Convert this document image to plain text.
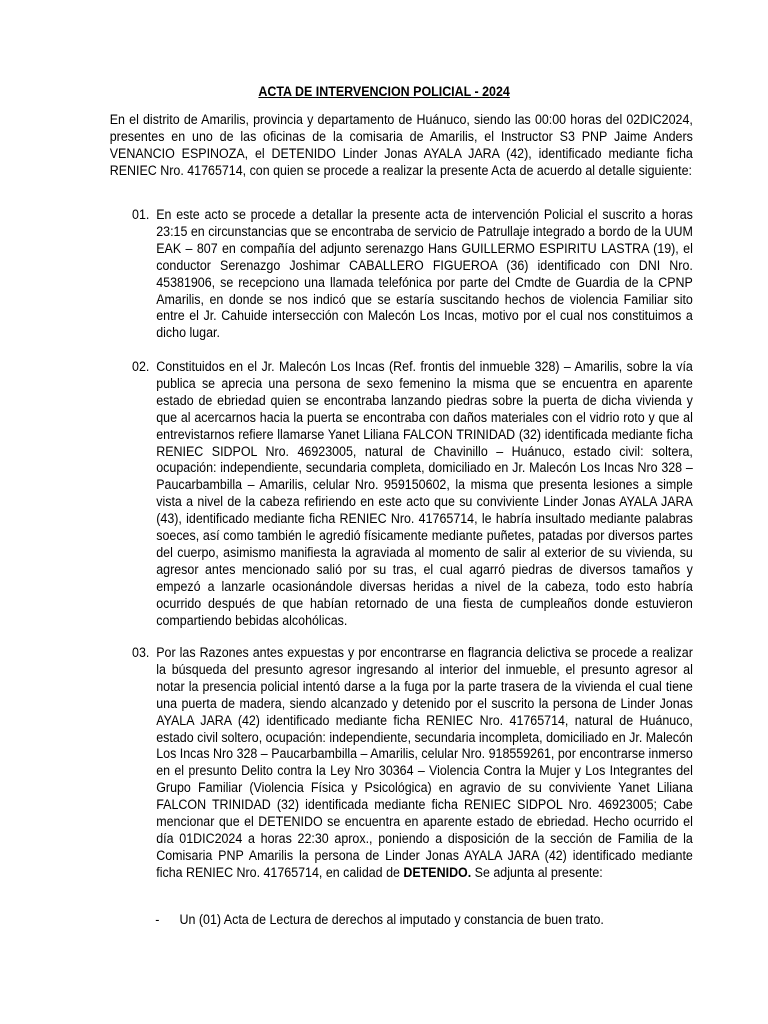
ACTA DE INTERVENCION POLICIAL - 2024

En el distrito de Amarilis, provincia y departamento de Huánuco, siendo las 00:00 horas del 02DIC2024, presentes en uno de las oficinas de la comisaria de Amarilis, el Instructor S3 PNP Jaime Anders VENANCIO ESPINOZA, el DETENIDO Linder Jonas AYALA JARA (42), identificado mediante ficha RENIEC Nro. 41765714, con quien se procede a realizar la presente Acta de acuerdo al detalle siguiente:

01. En este acto se procede a detallar la presente acta de intervención Policial el suscrito a horas 23:15 en circunstancias que se encontraba de servicio de Patrullaje integrado a bordo de la UUM EAK – 807 en compañía del adjunto serenazgo Hans GUILLERMO ESPIRITU LASTRA (19), el conductor Serenazgo Joshimar CABALLERO FIGUEROA (36) identificado con DNI Nro. 45381906, se recepciono una llamada telefónica por parte del Cmdte de Guardia de la CPNP Amarilis, en donde se nos indicó que se estaría suscitando hechos de violencia Familiar sito entre el Jr. Cahuide intersección con Malecón Los Incas, motivo por el cual nos constituimos a dicho lugar.
02. Constituidos en el Jr. Malecón Los Incas (Ref. frontis del inmueble 328) – Amarilis, sobre la vía publica se aprecia una persona de sexo femenino la misma que se encuentra en aparente estado de ebriedad quien se encontraba lanzando piedras sobre la puerta de dicha vivienda y que al acercarnos hacia la puerta se encontraba con daños materiales con el vidrio roto y que al entrevistarnos refiere llamarse Yanet Liliana FALCON TRINIDAD (32) identificada mediante ficha RENIEC SIDPOL Nro. 46923005, natural de Chavinillo – Huánuco, estado civil: soltera, ocupación: independiente, secundaria completa, domiciliado en Jr. Malecón Los Incas Nro 328 – Paucarbambilla – Amarilis, celular Nro. 959150602, la misma que presenta lesiones a simple vista a nivel de la cabeza refiriendo en este acto que su conviviente Linder Jonas AYALA JARA (43), identificado mediante ficha RENIEC Nro. 41765714, le habría insultado mediante palabras soeces, así como también le agredió físicamente mediante puñetes, patadas por diversos partes del cuerpo, asimismo manifiesta la agraviada al momento de salir al exterior de su vivienda, su agresor antes mencionado salió por su tras, el cual agarró piedras de diversos tamaños y empezó a lanzarle ocasionándole diversas heridas a nivel de la cabeza, todo esto habría ocurrido después de que habían retornado de una fiesta de cumpleaños donde estuvieron compartiendo bebidas alcohólicas.
03. Por las Razones antes expuestas y por encontrarse en flagrancia delictiva se procede a realizar la búsqueda del presunto agresor ingresando al interior del inmueble, el presunto agresor al notar la presencia policial intentó darse a la fuga por la parte trasera de la vivienda el cual tiene una puerta de madera, siendo alcanzado y detenido por el suscrito la persona de Linder Jonas AYALA JARA (42) identificado mediante ficha RENIEC Nro. 41765714, natural de Huánuco, estado civil soltero, ocupación: independiente, secundaria incompleta, domiciliado en Jr. Malecón Los Incas Nro 328 – Paucarbambilla – Amarilis, celular Nro. 918559261, por encontrarse inmerso en el presunto Delito contra la Ley Nro 30364 – Violencia Contra la Mujer y Los Integrantes del Grupo Familiar (Violencia Física y Psicológica) en agravio de su conviviente Yanet Liliana FALCON TRINIDAD (32) identificada mediante ficha RENIEC SIDPOL Nro. 46923005; Cabe mencionar que el DETENIDO se encuentra en aparente estado de ebriedad. Hecho ocurrido el día 01DIC2024 a horas 22:30 aprox., poniendo a disposición de la sección de Familia de la Comisaria PNP Amarilis la persona de Linder Jonas AYALA JARA (42) identificado mediante ficha RENIEC Nro. 41765714, en calidad de DETENIDO. Se adjunta al presente:
- Un (01) Acta de Lectura de derechos al imputado y constancia de buen trato.
